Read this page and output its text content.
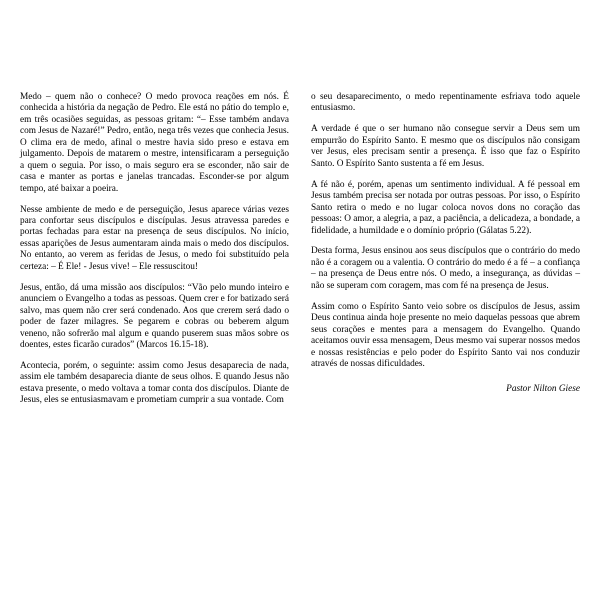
Medo – quem não o conhece? O medo provoca reações em nós. É conhecida a história da negação de Pedro. Ele está no pátio do templo e, em três ocasiões seguidas, as pessoas gritam: “– Esse também andava com Jesus de Nazaré!” Pedro, então, nega três vezes que conhecia Jesus. O clima era de medo, afinal o mestre havia sido preso e estava em julgamento. Depois de matarem o mestre, intensificaram a perseguição a quem o seguia. Por isso, o mais seguro era se esconder, não sair de casa e manter as portas e janelas trancadas. Esconder-se por algum tempo, até baixar a poeira.

Nesse ambiente de medo e de perseguição, Jesus aparece várias vezes para confortar seus discípulos e discípulas. Jesus atravessa paredes e portas fechadas para estar na presença de seus discípulos. No início, essas aparições de Jesus aumentaram ainda mais o medo dos discípulos. No entanto, ao verem as feridas de Jesus, o medo foi substituído pela certeza: – É Ele! - Jesus vive! – Ele ressuscitou!

Jesus, então, dá uma missão aos discípulos: “Vão pelo mundo inteiro e anunciem o Evangelho a todas as pessoas. Quem crer e for batizado será salvo, mas quem não crer será condenado. Aos que crerem será dado o poder de fazer milagres. Se pegarem e cobras ou beberem algum veneno, não sofrerão mal algum e quando puserem suas mãos sobre os doentes, estes ficarão curados” (Marcos 16.15-18).

Acontecia, porém, o seguinte: assim como Jesus desaparecia de nada, assim ele também desaparecia diante de seus olhos. E quando Jesus não estava presente, o medo voltava a tomar conta dos discípulos. Diante de Jesus, eles se entusiasmavam e prometiam cumprir a sua vontade. Com

o seu desaparecimento, o medo repentinamente esfriava todo aquele entusiasmo.

A verdade é que o ser humano não consegue servir a Deus sem um empurrão do Espírito Santo. E mesmo que os discípulos não consigam ver Jesus, eles precisam sentir a presença. É isso que faz o Espírito Santo. O Espírito Santo sustenta a fé em Jesus.

A fé não é, porém, apenas um sentimento individual. A fé pessoal em Jesus também precisa ser notada por outras pessoas. Por isso, o Espírito Santo retira o medo e no lugar coloca novos dons no coração das pessoas: O amor, a alegria, a paz, a paciência, a delicadeza, a bondade, a fidelidade, a humildade e o domínio próprio (Gálatas 5.22).

Desta forma, Jesus ensinou aos seus discípulos que o contrário do medo não é a coragem ou a valentia. O contrário do medo é a fé – a confiança – na presença de Deus entre nós. O medo, a insegurança, as dúvidas – não se superam com coragem, mas com fé na presença de Jesus.

Assim como o Espírito Santo veio sobre os discípulos de Jesus, assim Deus continua ainda hoje presente no meio daquelas pessoas que abrem seus corações e mentes para a mensagem do Evangelho. Quando aceitamos ouvir essa mensagem, Deus mesmo vai superar nossos medos e nossas resistências e pelo poder do Espírito Santo vai nos conduzir através de nossas dificuldades.

Pastor Nilton Giese
